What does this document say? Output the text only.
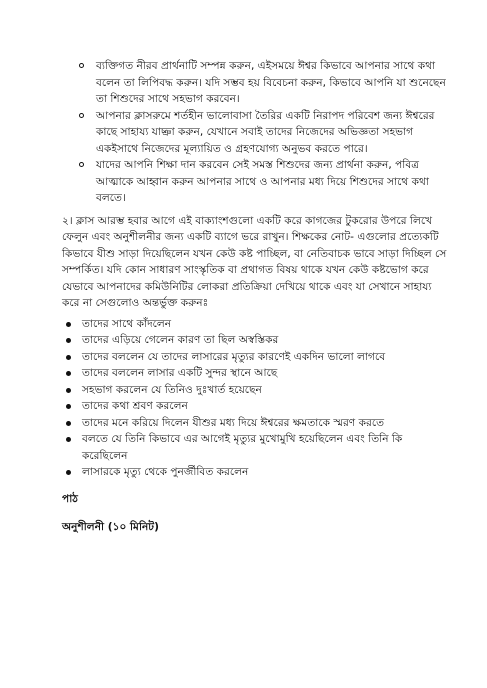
ব্যক্তিগত নীরব প্রার্থনাটি সম্পন্ন করুন, এইসময়ে ঈশ্বর কিভাবে আপনার সাথে কথা বলেন তা লিপিবদ্ধ করুন। যদি সম্ভব হয় বিবেচনা করুন, কিভাবে আপনি যা শুনেছেন তা শিশুদের সাথে সহভাগ করবেন।
আপনার ক্লাসরুমে শর্তহীন ভালোবাসা তৈরির একটি নিরাপদ পরিবেশ জন্য ঈশ্বরের কাছে সাহায্য যাচ্ঞা করুন, যেখানে সবাই তাদের নিজেদের অভিজ্ঞতা সহভাগ একইসাথে নিজেদের মূল্যায়িত ও গ্রহণযোগ্য অনুভব করতে পারে।
যাদের আপনি শিক্ষা দান করবেন সেই সমস্ত শিশুদের জন্য প্রার্থনা করুন, পবিত্র আত্মাকে আহ্বান করুন আপনার সাথে ও আপনার মধ্য দিয়ে শিশুদের সাথে কথা বলতে।

২। ক্লাস আরম্ভ হবার আগে এই বাক্যাংশগুলো একটি করে কাগজের টুকরোর উপরে লিখে ফেলুন এবং অনুশীলনীর জন্য একটি ব্যাগে ভরে রাখুন। শিক্ষকের নোট- এগুলোর প্রত্যেকটি কিভাবে যীশু সাড়া দিয়েছিলেন যখন কেউ কষ্ট পাচ্ছিল, বা নেতিবাচক ভাবে সাড়া দিচ্ছিল সে সম্পর্কিত। যদি কোন সাধারণ সাংস্কৃতিক বা প্রথাগত বিষয় থাকে যখন কেউ কষ্টভোগ করে যেভাবে আপনাদের কমিউনিটির লোকরা প্রতিক্রিয়া দেখিয়ে থাকে এবং যা সেখানে সাহায্য করে না সেগুলোও অন্তর্ভুক্ত করুনঃ

তাদের সাথে কাঁদলেন
তাদের এড়িয়ে গেলেন কারণ তা ছিল অস্বস্তিকর
তাদের বললেন যে তাদের লাসারের মৃত্যুর কারণেই একদিন ভালো লাগবে
তাদের বললেন লাসার একটি সুন্দর স্থানে আছে
সহভাগ করলেন যে তিনিও দুঃখার্ত হয়েছেন
তাদের কথা শ্রবণ করলেন
তাদের মনে করিয়ে দিলেন যীশুর মধ্য দিয়ে ঈশ্বরের ক্ষমতাকে স্মরণ করতে
বলতে যে তিনি কিভাবে এর আগেই মৃত্যুর মুখোমুখি হয়েছিলেন এবং তিনি কি করেছিলেন
লাসারকে মৃত্যু থেকে পুনর্জীবিত করলেন
পাঠ
অনুশীলনী (১০ মিনিট)
